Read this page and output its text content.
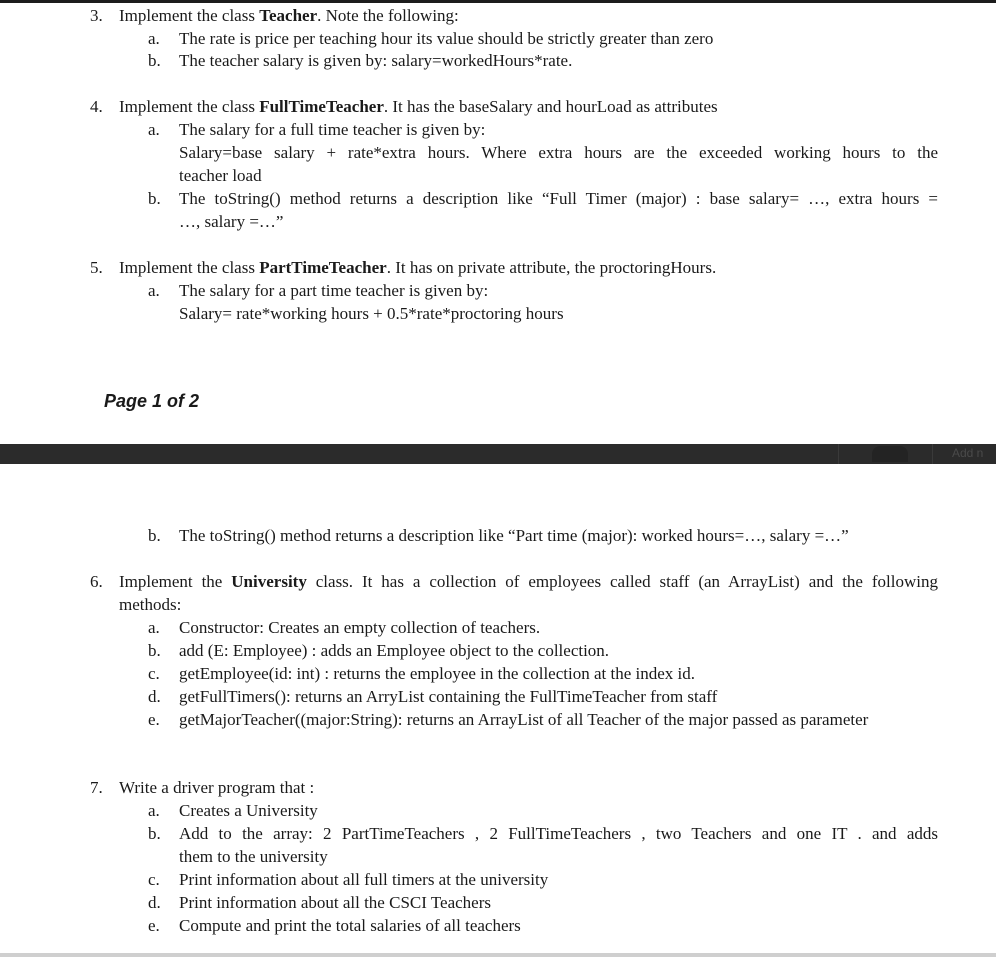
3. Implement the class Teacher. Note the following:
a. The rate is price per teaching hour its value should be strictly greater than zero
b. The teacher salary is given by: salary=workedHours*rate.
4. Implement the class FullTimeTeacher. It has the baseSalary and hourLoad as attributes
a. The salary for a full time teacher is given by:
Salary=base salary + rate*extra hours. Where extra hours are the exceeded working hours to the
teacher load
b. The toString() method returns a description like “Full Timer (major) : base salary= …, extra hours =
…, salary =…”
5. Implement the class PartTimeTeacher. It has on private attribute, the proctoringHours.
a. The salary for a part time teacher is given by:
Salary= rate*working hours + 0.5*rate*proctoring hours
Page 1 of 2
Add n
b. The toString() method returns a description like “Part time (major): worked hours=…, salary =…”
6. Implement the University class. It has a collection of employees called staff (an ArrayList) and the following
methods:
a. Constructor: Creates an empty collection of teachers.
b. add (E: Employee) : adds an Employee object to the collection.
c. getEmployee(id: int) : returns the employee in the collection at the index id.
d. getFullTimers(): returns an ArryList containing the FullTimeTeacher from staff
e. getMajorTeacher((major:String): returns an ArrayList of all Teacher of the major passed as parameter
7. Write a driver program that :
a. Creates a University
b. Add to the array: 2 PartTimeTeachers , 2 FullTimeTeachers , two Teachers and one IT . and adds
them to the university
c. Print information about all full timers at the university
d. Print information about all the CSCI Teachers
e. Compute and print the total salaries of all teachers
